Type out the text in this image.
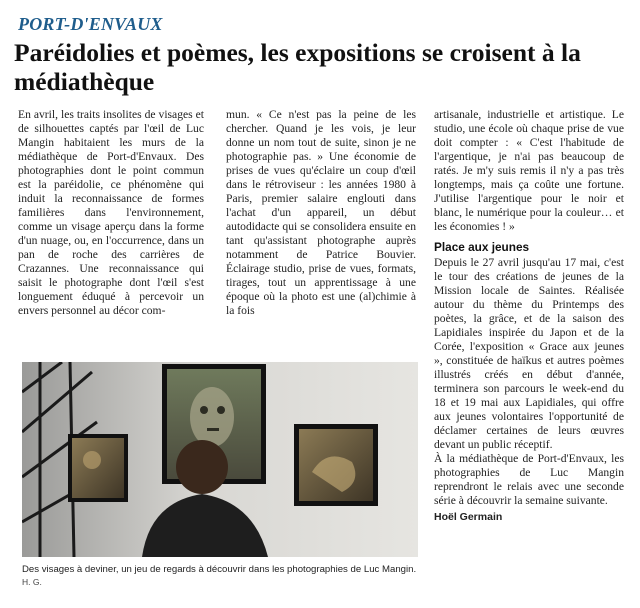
PORT-D'ENVAUX
Paréidolies et poèmes, les expositions se croisent à la médiathèque

En avril, les traits insolites de visages et de silhouettes captés par l'œil de Luc Mangin habitaient les murs de la médiathèque de Port-d'Envaux. Des photographies dont le point commun est la paréidolie, ce phénomène qui induit la reconnaissance de formes familières dans l'environnement, comme un visage aperçu dans la forme d'un nuage, ou, en l'occurrence, dans un pan de roche des carrières de Crazannes. Une reconnaissance qui saisit le photographe dont l'œil s'est longuement éduqué à percevoir un envers personnel au décor com-

mun. « Ce n'est pas la peine de les chercher. Quand je les vois, je leur donne un nom tout de suite, sinon je ne photographie pas. » Une économie de prises de vues qu'éclaire un coup d'œil dans le rétroviseur : les années 1980 à Paris, premier salaire englouti dans l'achat d'un appareil, un début autodidacte qui se consolidera ensuite en tant qu'assistant photographe auprès notamment de Patrice Bouvier. Éclairage studio, prise de vues, formats, tirages, tout un apprentissage à une époque où la photo est une (al)chimie à la fois

artisanale, industrielle et artistique. Le studio, une école où chaque prise de vue doit compter : « C'est l'habitude de l'argentique, je n'ai pas beaucoup de ratés. Je m'y suis remis il n'y a pas très longtemps, mais ça coûte une fortune. J'utilise l'argentique pour le noir et blanc, le numérique pour la couleur… et les économies ! »

Place aux jeunes

Depuis le 27 avril jusqu'au 17 mai, c'est le tour des créations de jeunes de la Mission locale de Saintes. Réalisée autour du thème du Printemps des poètes, la grâce, et de la saison des Lapidiales inspirée du Japon et de la Corée, l'exposition « Grace aux jeunes », constituée de haïkus et autres poèmes illustrés créés en début d'année, terminera son parcours le week-end du 18 et 19 mai aux Lapidiales, qui offre aux jeunes volontaires l'opportunité de déclamer certaines de leurs œuvres devant un public réceptif.

À la médiathèque de Port-d'Envaux, les photographies de Luc Mangin reprendront le relais avec une seconde série à découvrir la semaine suivante.

Hoël Germain
Des visages à deviner, un jeu de regards à découvrir dans les photographies de Luc Mangin. H. G.
